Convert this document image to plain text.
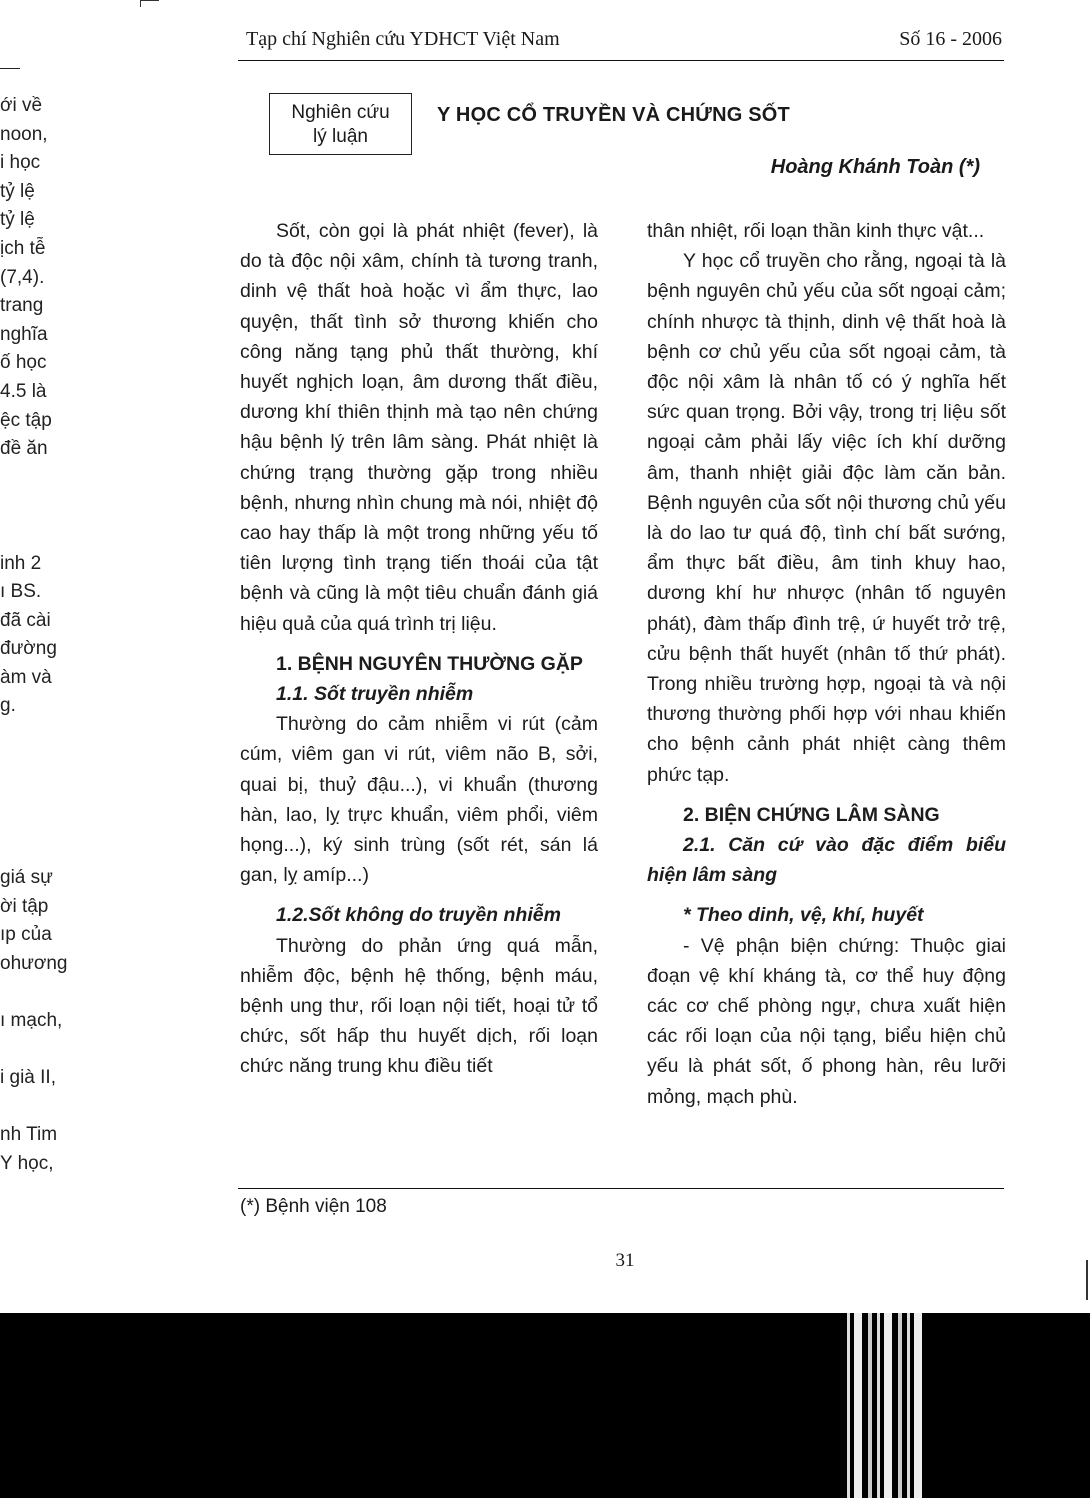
ới về
noon,
i học
tỷ lệ
tỷ lệ
ịch tễ
(7,4).
trang
nghĩa
ố học
4.5 là
ệc tập
đề ăn
inh 2
ı BS.
đã cài
đường
àm và
g.
giá sự
ời tập
ıp của
ohương
ı mạch,
i già II,
nh Tim
Y học,
Tạp chí Nghiên cứu YDHCT Việt Nam	Số 16 - 2006
Nghiên cứu
lý luận
Y HỌC CỔ TRUYỀN VÀ CHỨNG SỐT
Hoàng Khánh Toàn (*)

Sốt, còn gọi là phát nhiệt (fever), là do tà độc nội xâm, chính tà tương tranh, dinh vệ thất hoà hoặc vì ẩm thực, lao quyện, thất tình sở thương khiến cho công năng tạng phủ thất thường, khí huyết nghịch loạn, âm dương thất điều, dương khí thiên thịnh mà tạo nên chứng hậu bệnh lý trên lâm sàng. Phát nhiệt là chứng trạng thường gặp trong nhiều bệnh, nhưng nhìn chung mà nói, nhiệt độ cao hay thấp là một trong những yếu tố tiên lượng tình trạng tiến thoái của tật bệnh và cũng là một tiêu chuẩn đánh giá hiệu quả của quá trình trị liệu.

1. BỆNH NGUYÊN THƯỜNG GẶP
1.1. Sốt truyền nhiễm

Thường do cảm nhiễm vi rút (cảm cúm, viêm gan vi rút, viêm não B, sởi, quai bị, thuỷ đậu...), vi khuẩn (thương hàn, lao, lỵ trực khuẩn, viêm phổi, viêm họng...), ký sinh trùng (sốt rét, sán lá gan, lỵ amíp...)

1.2.Sốt không do truyền nhiễm

Thường do phản ứng quá mẫn, nhiễm độc, bệnh hệ thống, bệnh máu, bệnh ung thư, rối loạn nội tiết, hoại tử tổ chức, sốt hấp thu huyết dịch, rối loạn chức năng trung khu điều tiết

thân nhiệt, rối loạn thần kinh thực vật...

Y học cổ truyền cho rằng, ngoại tà là bệnh nguyên chủ yếu của sốt ngoại cảm; chính nhược tà thịnh, dinh vệ thất hoà là bệnh cơ chủ yếu của sốt ngoại cảm, tà độc nội xâm là nhân tố có ý nghĩa hết sức quan trọng. Bởi vậy, trong trị liệu sốt ngoại cảm phải lấy việc ích khí dưỡng âm, thanh nhiệt giải độc làm căn bản. Bệnh nguyên của sốt nội thương chủ yếu là do lao tư quá độ, tình chí bất sướng, ẩm thực bất điều, âm tinh khuy hao, dương khí hư nhược (nhân tố nguyên phát), đàm thấp đình trệ, ứ huyết trở trệ, cửu bệnh thất huyết (nhân tố thứ phát). Trong nhiều trường hợp, ngoại tà và nội thương thường phối hợp với nhau khiến cho bệnh cảnh phát nhiệt càng thêm phức tạp.

2. BIỆN CHỨNG LÂM SÀNG
2.1. Căn cứ vào đặc điểm biểu hiện lâm sàng
* Theo dinh, vệ, khí, huyết

- Vệ phận biện chứng: Thuộc giai đoạn vệ khí kháng tà, cơ thể huy động các cơ chế phòng ngự, chưa xuất hiện các rối loạn của nội tạng, biểu hiện chủ yếu là phát sốt, ố phong hàn, rêu lưỡi mỏng, mạch phù.

(*) Bệnh viện 108
31
